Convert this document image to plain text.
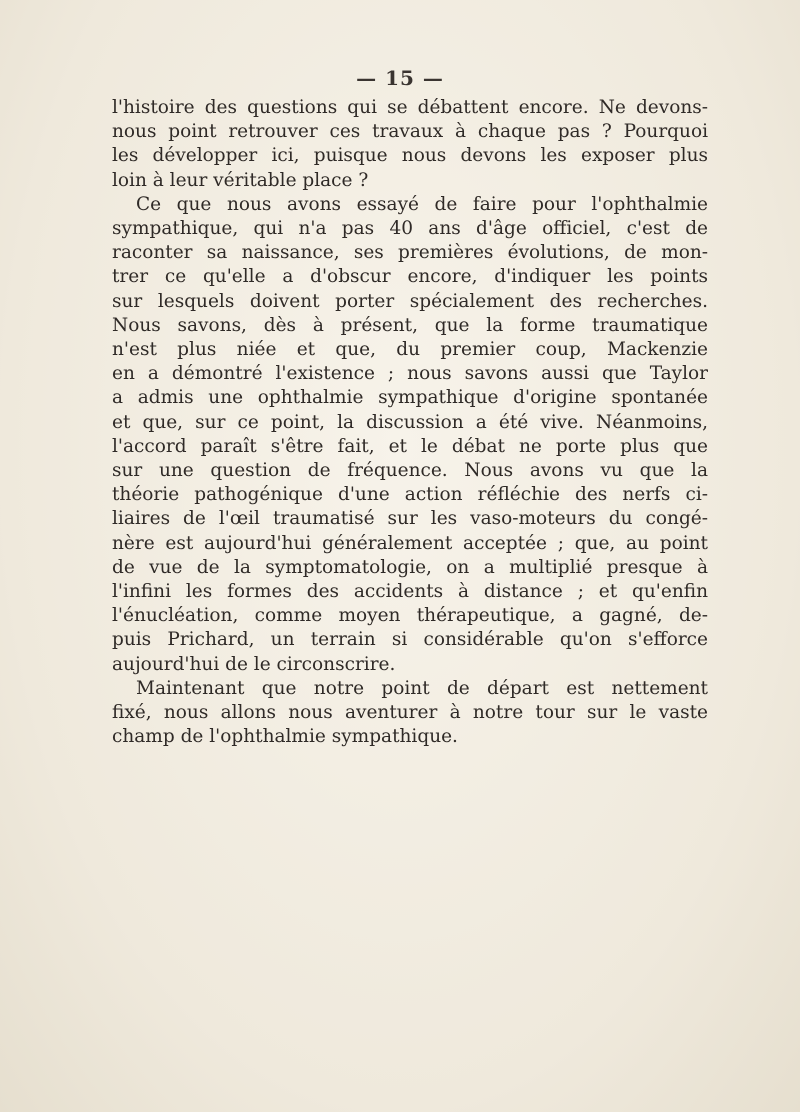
— 15 —
l'histoire des questions qui se débattent encore. Ne devons-
nous point retrouver ces travaux à chaque pas ? Pourquoi
les développer ici, puisque nous devons les exposer plus
loin à leur véritable place ?
Ce que nous avons essayé de faire pour l'ophthalmie
sympathique, qui n'a pas 40 ans d'âge officiel, c'est de
raconter sa naissance, ses premières évolutions, de mon-
trer ce qu'elle a d'obscur encore, d'indiquer les points
sur lesquels doivent porter spécialement des recherches.
Nous savons, dès à présent, que la forme traumatique
n'est plus niée et que, du premier coup, Mackenzie
en a démontré l'existence ; nous savons aussi que Taylor
a admis une ophthalmie sympathique d'origine spontanée
et que, sur ce point, la discussion a été vive. Néanmoins,
l'accord paraît s'être fait, et le débat ne porte plus que
sur une question de fréquence. Nous avons vu que la
théorie pathogénique d'une action réfléchie des nerfs ci-
liaires de l'œil traumatisé sur les vaso-moteurs du congé-
nère est aujourd'hui généralement acceptée ; que, au point
de vue de la symptomatologie, on a multiplié presque à
l'infini les formes des accidents à distance ; et qu'enfin
l'énucléation, comme moyen thérapeutique, a gagné, de-
puis Prichard, un terrain si considérable qu'on s'efforce
aujourd'hui de le circonscrire.
Maintenant que notre point de départ est nettement
fixé, nous allons nous aventurer à notre tour sur le vaste
champ de l'ophthalmie sympathique.
